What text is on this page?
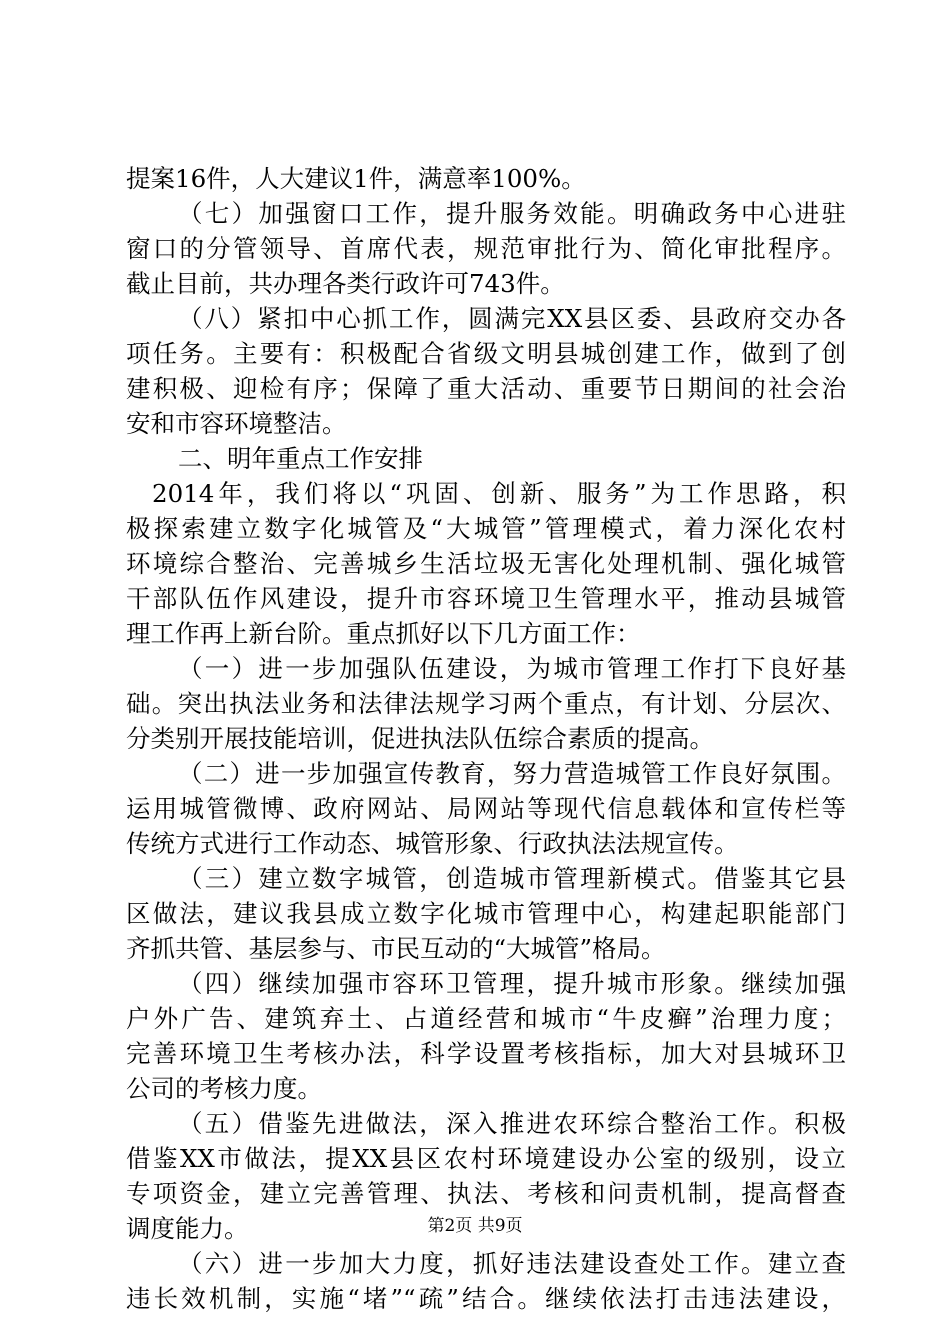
提案16件，人大建议1件，满意率100%。
（七）加强窗口工作，提升服务效能。明确政务中心进驻
窗口的分管领导、首席代表，规范审批行为、简化审批程序。
截止目前，共办理各类行政许可743件。
（八）紧扣中心抓工作，圆满完XX县区委、县政府交办各
项任务。主要有：积极配合省级文明县城创建工作，做到了创
建积极、迎检有序；保障了重大活动、重要节日期间的社会治
安和市容环境整洁。
二、明年重点工作安排
2014年，我们将以“巩固、创新、服务”为工作思路，积
极探索建立数字化城管及“大城管”管理模式，着力深化农村
环境综合整治、完善城乡生活垃圾无害化处理机制、强化城管
干部队伍作风建设，提升市容环境卫生管理水平，推动县城管
理工作再上新台阶。重点抓好以下几方面工作：
（一）进一步加强队伍建设，为城市管理工作打下良好基
础。突出执法业务和法律法规学习两个重点，有计划、分层次、
分类别开展技能培训，促进执法队伍综合素质的提高。
（二）进一步加强宣传教育，努力营造城管工作良好氛围。
运用城管微博、政府网站、局网站等现代信息载体和宣传栏等
传统方式进行工作动态、城管形象、行政执法法规宣传。
（三）建立数字城管，创造城市管理新模式。借鉴其它县
区做法，建议我县成立数字化城市管理中心，构建起职能部门
齐抓共管、基层参与、市民互动的“大城管”格局。
（四）继续加强市容环卫管理，提升城市形象。继续加强
户外广告、建筑弃土、占道经营和城市“牛皮癣”治理力度；
完善环境卫生考核办法，科学设置考核指标，加大对县城环卫
公司的考核力度。
（五）借鉴先进做法，深入推进农环综合整治工作。积极
借鉴XX市做法，提XX县区农村环境建设办公室的级别，设立
专项资金，建立完善管理、执法、考核和问责机制，提高督查
调度能力。
（六）进一步加大力度，抓好违法建设查处工作。建立查
违长效机制，实施“堵”“疏”结合。继续依法打击违法建设，
第2页 共9页
